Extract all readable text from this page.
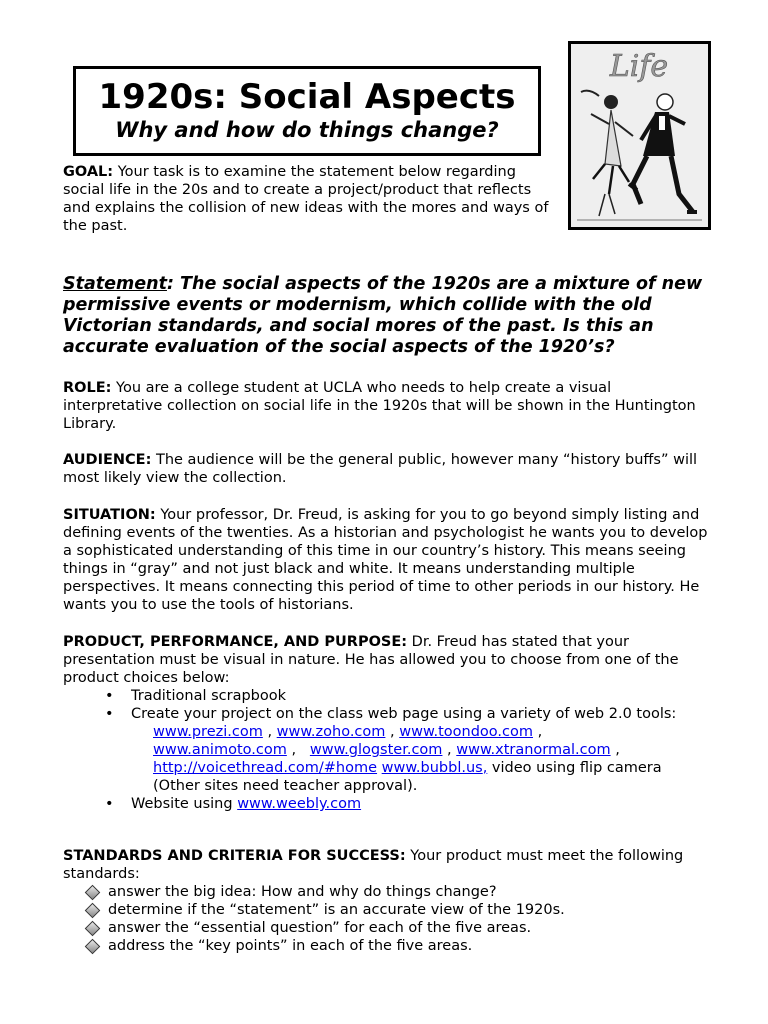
1920s: Social Aspects
Why and how do things change?
Life
GOAL: Your task is to examine the statement below regarding social life in the 20s and to create a project/product that reflects and explains the collision of new ideas with the mores and ways of the past.
Statement: The social aspects of the 1920s are a mixture of new permissive events or modernism, which collide with the old Victorian standards, and social mores of the past. Is this an accurate evaluation of the social aspects of the 1920’s?
ROLE: You are a college student at UCLA who needs to help create a visual interpretative collection on social life in the 1920s that will be shown in the Huntington Library.
AUDIENCE: The audience will be the general public, however many “history buffs” will most likely view the collection.
SITUATION: Your professor, Dr. Freud, is asking for you to go beyond simply listing and defining events of the twenties. As a historian and psychologist he wants you to develop a sophisticated understanding of this time in our country’s history. This means seeing things in “gray” and not just black and white. It means understanding multiple perspectives. It means connecting this period of time to other periods in our history. He wants you to use the tools of historians.
PRODUCT, PERFORMANCE, AND PURPOSE: Dr. Freud has stated that your presentation must be visual in nature. He has allowed you to choose from one of the product choices below:
• Traditional scrapbook
• Create your project on the class web page using a variety of web 2.0 tools:
www.prezi.com , www.zoho.com , www.toondoo.com ,
www.animoto.com , www.glogster.com , www.xtranormal.com ,
http://voicethread.com/#home www.bubbl.us, video using flip camera
(Other sites need teacher approval).
• Website using www.weebly.com
STANDARDS AND CRITERIA FOR SUCCESS: Your product must meet the following standards:
answer the big idea: How and why do things change?
determine if the “statement” is an accurate view of the 1920s.
answer the “essential question” for each of the five areas.
address the “key points” in each of the five areas.
